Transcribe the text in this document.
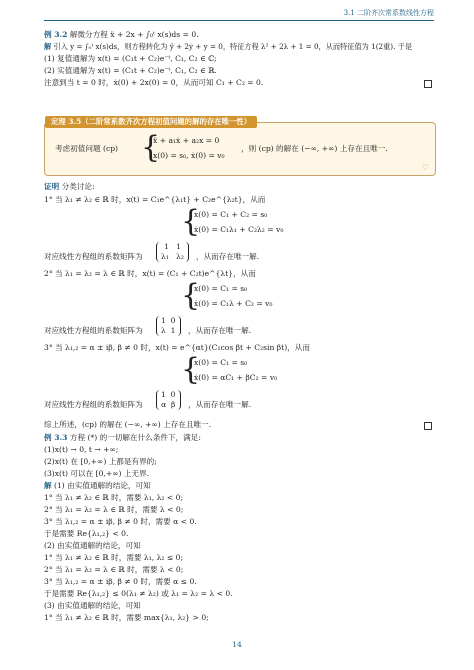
3.1 二阶齐次常系数线性方程
例 3.2 解微分方程 ẍ + 2x + ∫₀ᵗ x(s)ds = 0.
解 引入 y = ∫₀ᵗ x(s)ds，则方程转化为 ÿ + 2ẏ + y = 0，特征方程 λ² + 2λ + 1 = 0，从而特征值为 1(2重). 于是
(1) 复值通解为 x(t) = (C₁t + C₂)e⁻ᵗ, C₁, C₂ ∈ ℂ;
(2) 实值通解为 x(t) = (C₁t + C₂)e⁻ᵗ, C₁, C₂ ∈ ℝ.
注意到当 t = 0 时，ẋ(0) + 2x(0) = 0，从而可知 C₁ + C₂ = 0.
定理 3.5（二阶常系数齐次方程初值问题的解的存在唯一性）
考虑初值问题 (cp) {
ẍ + a₁ẋ + a₂x = 0
x(0) = s₀, ẋ(0) = v₀
，则 (cp) 的解在 (−∞, +∞) 上存在且唯一.
♡
证明 分类讨论:
1° 当 λ₁ ≠ λ₂ ∈ ℝ 时，x(t) = C₁e^{λ₁t} + C₂e^{λ₂t}，从而
{
x(0) = C₁ + C₂ = s₀
ẋ(0) = C₁λ₁ + C₂λ₂ = v₀
对应线性方程组的系数矩阵为
1 1
λ₁ λ₂ ，从而存在唯一解.
2° 当 λ₁ = λ₂ = λ ∈ ℝ 时，x(t) = (C₁ + C₂t)e^{λt}，从而
{
x(0) = C₁ = s₀
ẋ(0) = C₁λ + C₂ = v₀
对应线性方程组的系数矩阵为
1 0
λ 1 ，从而存在唯一解.
3° 当 λ₁,₂ = α ± iβ, β ≠ 0 时，x(t) = e^{αt}(C₁cos βt + C₂sin βt)，从而
{
x(0) = C₁ = s₀
ẋ(0) = αC₁ + βC₂ = v₀
对应线性方程组的系数矩阵为
1 0
α β ，从而存在唯一解.
综上所述，(cp) 的解在 (−∞, +∞) 上存在且唯一.
例 3.3 方程 (*) 的一切解在什么条件下，满足:
(1)x(t) → 0, t → +∞;
(2)x(t) 在 [0,+∞) 上都是有界的;
(3)x(t) 可以在 [0,+∞) 上无界.
解 (1) 由实值通解的结论，可知
1° 当 λ₁ ≠ λ₂ ∈ ℝ 时，需要 λ₁, λ₂ < 0;
2° 当 λ₁ = λ₂ = λ ∈ ℝ 时，需要 λ < 0;
3° 当 λ₁,₂ = α ± iβ, β ≠ 0 时，需要 α < 0.
于是需要 Re{λ₁,₂} < 0.
(2) 由实值通解的结论，可知
1° 当 λ₁ ≠ λ₂ ∈ ℝ 时，需要 λ₁, λ₂ ≤ 0;
2° 当 λ₁ = λ₂ = λ ∈ ℝ 时，需要 λ < 0;
3° 当 λ₁,₂ = α ± iβ, β ≠ 0 时，需要 α ≤ 0.
于是需要 Re{λ₁,₂} ≤ 0(λ₁ ≠ λ₂) 或 λ₁ = λ₂ = λ < 0.
(3) 由实值通解的结论，可知
1° 当 λ₁ ≠ λ₂ ∈ ℝ 时，需要 max{λ₁, λ₂} > 0;
14
